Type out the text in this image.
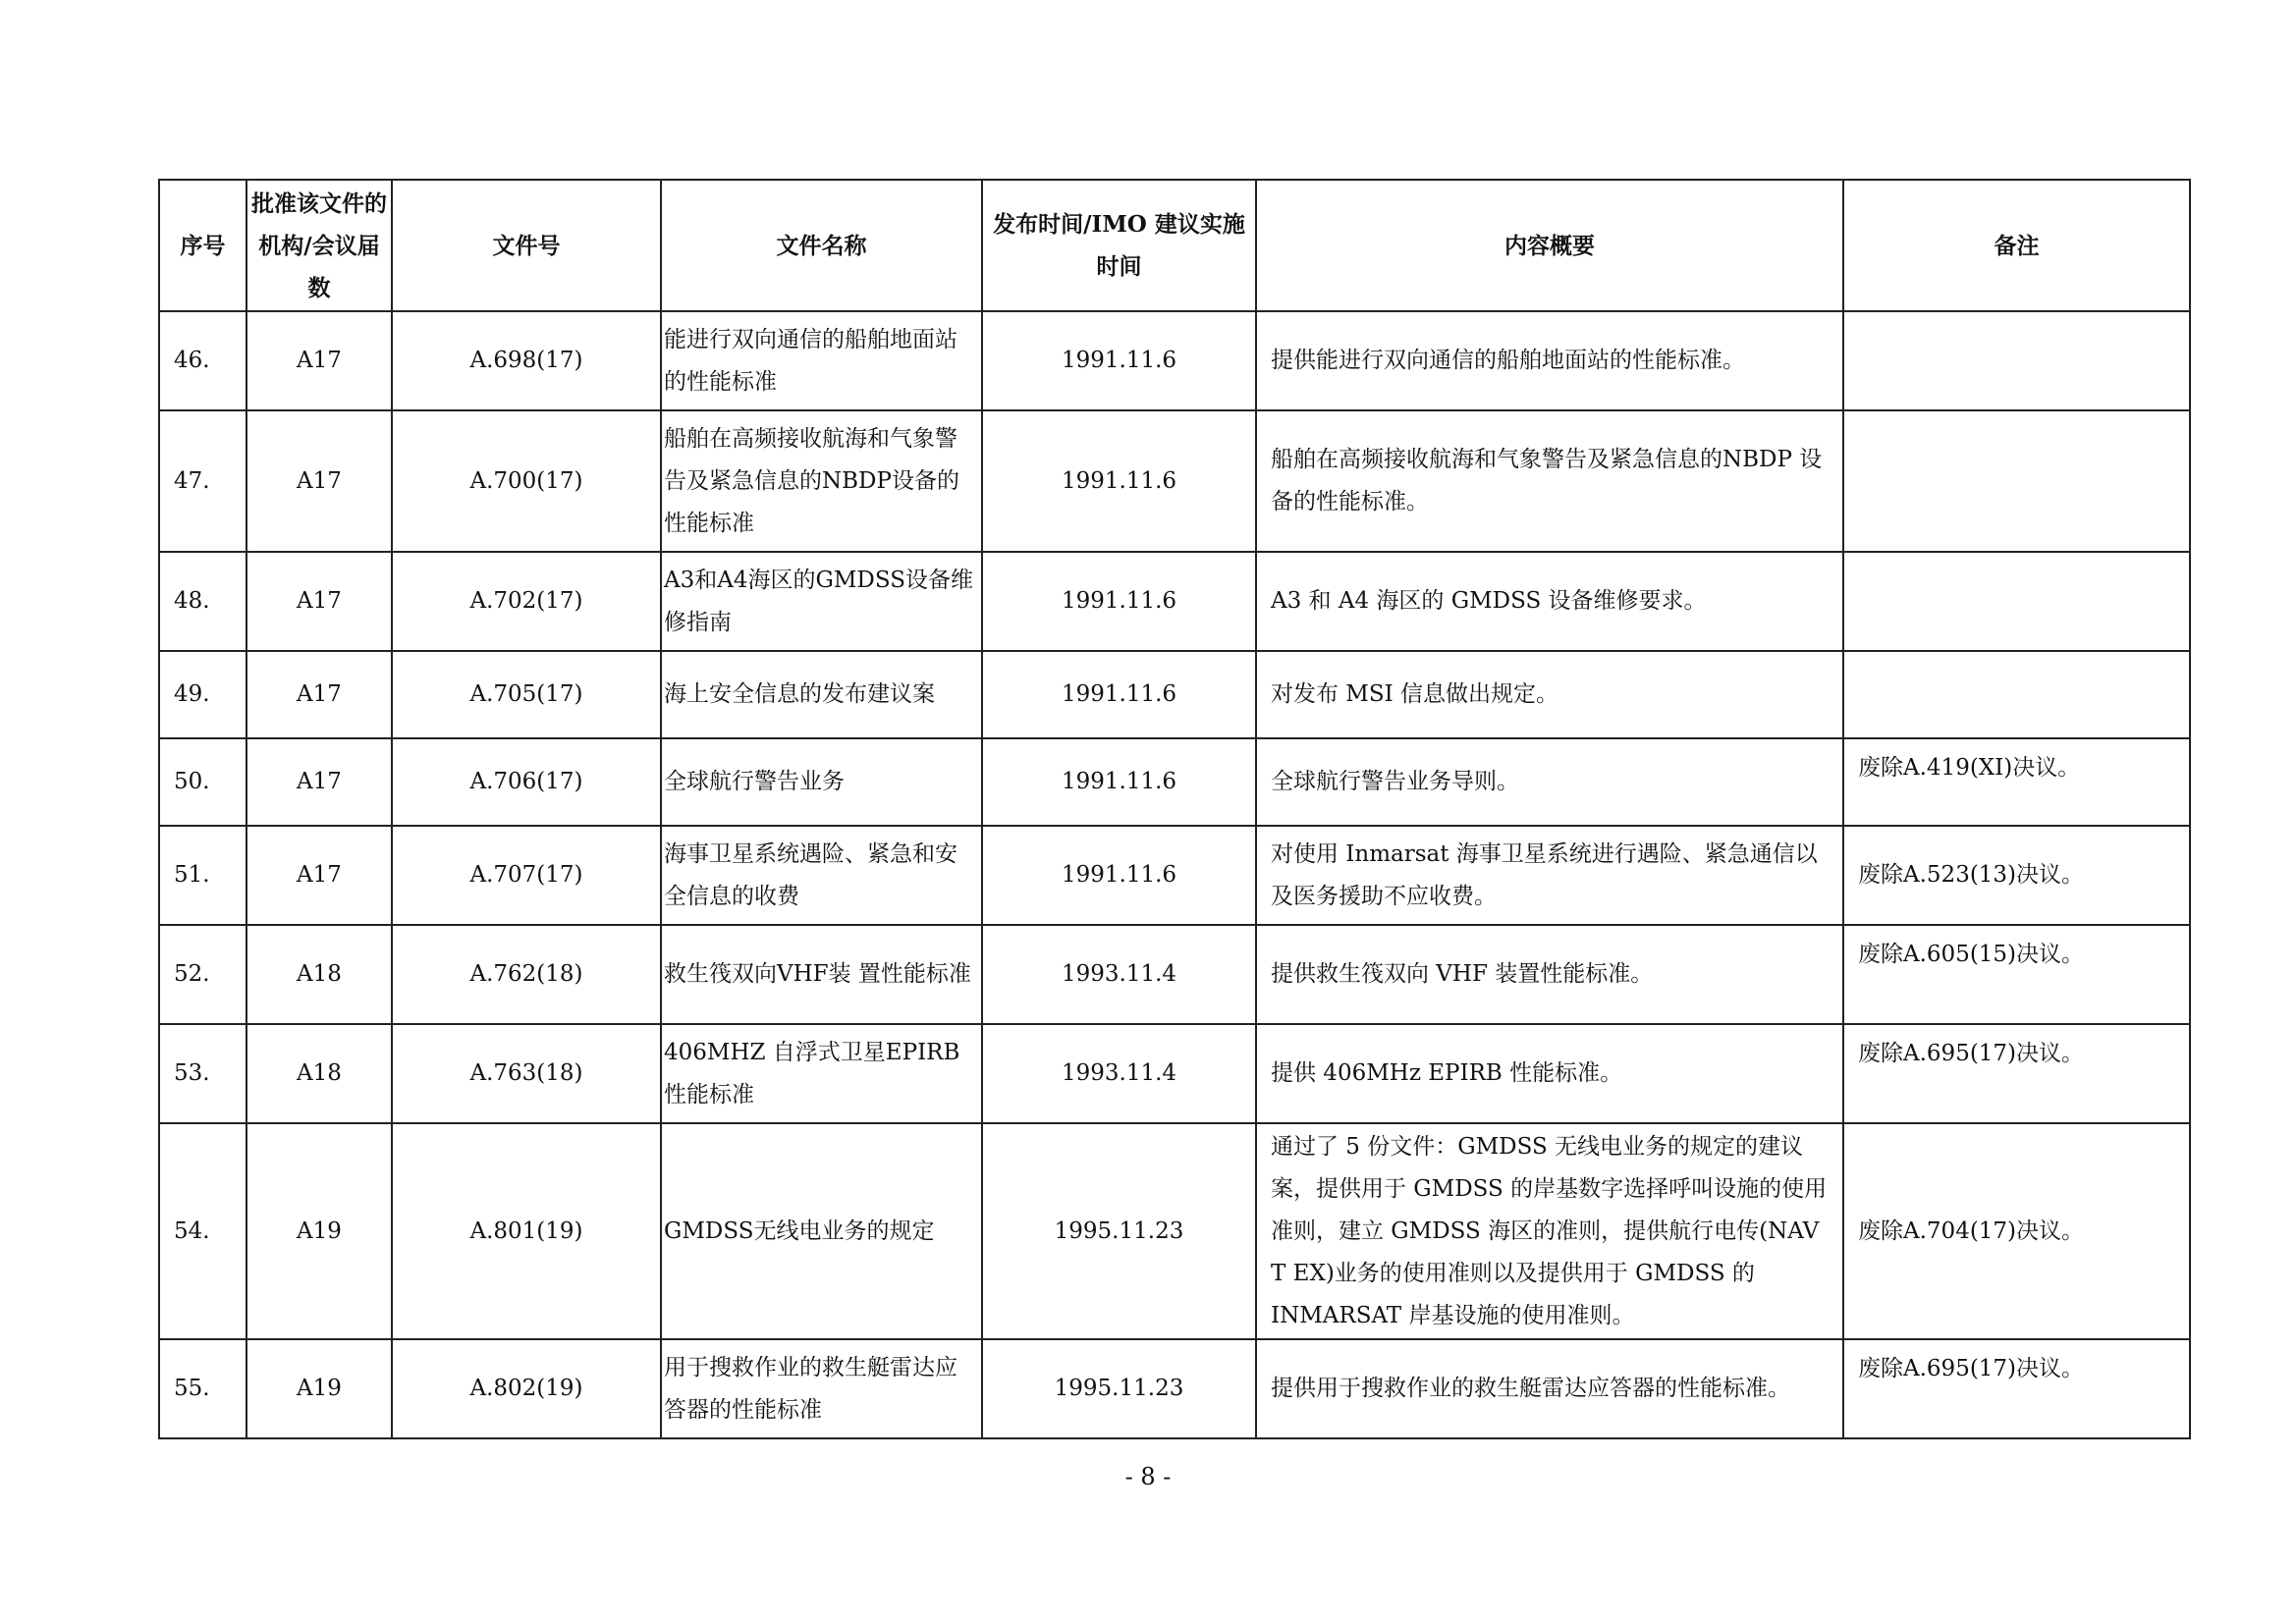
序号	批准该文件的机构/会议届数	文件号	文件名称	发布时间/IMO 建议实施时间	内容概要	备注
46.	A17	A.698(17)	能进行双向通信的船舶地面站的性能标准	1991.11.6	提供能进行双向通信的船舶地面站的性能标准。	
47.	A17	A.700(17)	船舶在高频接收航海和气象警告及紧急信息的NBDP设备的性能标准	1991.11.6	船舶在高频接收航海和气象警告及紧急信息的NBDP 设备的性能标准。	
48.	A17	A.702(17)	A3和A4海区的GMDSS设备维修指南	1991.11.6	A3 和 A4 海区的 GMDSS 设备维修要求。	
49.	A17	A.705(17)	海上安全信息的发布建议案	1991.11.6	对发布 MSI 信息做出规定。	
50.	A17	A.706(17)	全球航行警告业务	1991.11.6	全球航行警告业务导则。	废除A.419(XI)决议。
51.	A17	A.707(17)	海事卫星系统遇险、紧急和安全信息的收费	1991.11.6	对使用 Inmarsat 海事卫星系统进行遇险、紧急通信以及医务援助不应收费。	废除A.523(13)决议。
52.	A18	A.762(18)	救生筏双向VHF装 置性能标准	1993.11.4	提供救生筏双向 VHF 装置性能标准。	废除A.605(15)决议。
53.	A18	A.763(18)	406MHZ 自浮式卫星EPIRB性能标准	1993.11.4	提供 406MHz EPIRB 性能标准。	废除A.695(17)决议。
54.	A19	A.801(19)	GMDSS无线电业务的规定	1995.11.23	通过了 5 份文件：GMDSS 无线电业务的规定的建议案，提供用于 GMDSS 的岸基数字选择呼叫设施的使用准则，建立 GMDSS 海区的准则，提供航行电传(NAV T EX)业务的使用准则以及提供用于 GMDSS 的 INMARSAT 岸基设施的使用准则。	废除A.704(17)决议。
55.	A19	A.802(19)	用于搜救作业的救生艇雷达应答器的性能标准	1995.11.23	提供用于搜救作业的救生艇雷达应答器的性能标准。	废除A.695(17)决议。
- 8 -
